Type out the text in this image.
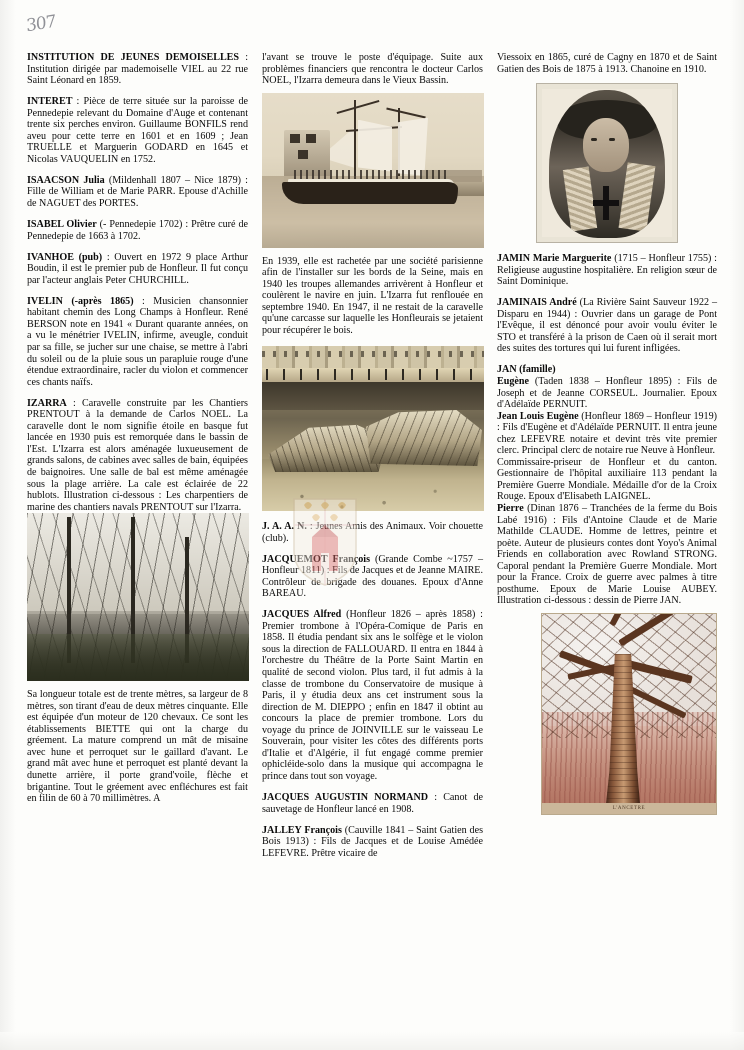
307

INSTITUTION DE JEUNES DEMOISELLES : Institution dirigée par mademoiselle VIEL au 22 rue Saint Léonard en 1859.

INTERET : Pièce de terre située sur la paroisse de Pennedepie relevant du Domaine d'Auge et contenant trente six perches environ. Guillaume BONFILS rend aveu pour cette terre en 1601 et en 1609 ; Jean TRUELLE et Marguerin GODARD en 1645 et Nicolas VAUQUELIN en 1752.

ISAACSON Julia (Mildenhall 1807 – Nice 1879) : Fille de William et de Marie PARR. Epouse d'Achille de NAGUET des PORTES.

ISABEL Olivier (- Pennedepie 1702) : Prêtre curé de Pennedepie de 1663 à 1702.

IVANHOE (pub) : Ouvert en 1972 9 place Arthur Boudin, il est le premier pub de Honfleur. Il fut conçu par l'acteur anglais Peter CHURCHILL.

IVELIN (-après 1865) : Musicien chansonnier habitant chemin des Long Champs à Honfleur. René BERSON note en 1941 « Durant quarante années, on a vu le ménétrier IVELIN, infirme, aveugle, conduit par sa fille, se jucher sur une chaise, se mettre à l'abri du soleil ou de la pluie sous un parapluie rouge d'une étendue extraordinaire, racler du violon et commencer ces chants naïfs.

IZARRA : Caravelle construite par les Chantiers PRENTOUT à la demande de Carlos NOEL. La caravelle dont le nom signifie étoile en basque fut lancée en 1930 puis est remorquée dans le bassin de l'Est. L'Izarra est alors aménagée luxueusement de grands salons, de cabines avec salles de bain, équipées de baignoires. Une salle de bal est même aménagée sous la plage arrière. La cale est éclairée de 22 hublots. Illustration ci-dessous : Les charpentiers de marine des chantiers navals PRENTOUT sur l'Izarra.

Sa longueur totale est de trente mètres, sa largeur de 8 mètres, son tirant d'eau de deux mètres cinquante. Elle est équipée d'un moteur de 120 chevaux. Ce sont les établissements BIETTE qui ont la charge du gréement. La mature comprend un mât de misaine avec hune et perroquet sur le gaillard d'avant. Le grand mât avec hune et perroquet est planté devant la dunette arrière, il porte grand'voile, flèche et brigantine. Tout le gréement avec enfléchures est fait en filin de 60 à 70 millimètres. A

l'avant se trouve le poste d'équipage. Suite aux problèmes financiers que rencontra le docteur Carlos NOEL, l'Izarra demeura dans le Vieux Bassin.

En 1939, elle est rachetée par une société parisienne afin de l'installer sur les bords de la Seine, mais en 1940 les troupes allemandes arrivèrent à Honfleur et coulèrent le navire en juin. L'Izarra fut renflouée en septembre 1940. En 1947, il ne restait de la caravelle qu'une carcasse sur laquelle les Honfleurais se jetaient pour récupérer le bois.

J. A. A. N. : Jeunes Amis des Animaux. Voir chouette (club).

JACQUEMOT François (Grande Combe ~1757 – Honfleur 1811) : Fils de Jacques et de Jeanne MAIRE. Contrôleur de brigade des douanes. Epoux d'Anne BAREAU.

JACQUES Alfred (Honfleur 1826 – après 1858) : Premier trombone à l'Opéra-Comique de Paris en 1858. Il étudia pendant six ans le solfège et le violon sous la direction de FALLOUARD. Il entra en 1844 à l'orchestre du Théâtre de la Porte Saint Martin en qualité de second violon. Plus tard, il fut admis à la classe de trombone du Conservatoire de musique à Paris, il y étudia deux ans cet instrument sous la direction de M. DIEPPO ; enfin en 1847 il obtint au concours la place de premier trombone. Lors du voyage du prince de JOINVILLE sur le vaisseau Le Souverain, pour visiter les côtes des différents ports d'Italie et d'Algérie, il fut engagé comme premier ophicléide-solo dans la musique qui accompagna le prince dans tout son voyage.

JACQUES AUGUSTIN NORMAND : Canot de sauvetage de Honfleur lancé en 1908.

JALLEY François (Cauville 1841 – Saint Gatien des Bois 1913) : Fils de Jacques et de Louise Amédée LEFEVRE. Prêtre vicaire de

Viessoix en 1865, curé de Cagny en 1870 et de Saint Gatien des Bois de 1875 à 1913. Chanoine en 1910.

JAMIN Marie Marguerite (1715 – Honfleur 1755) : Religieuse augustine hospitalière. En religion sœur de Saint Dominique.

JAMINAIS André (La Rivière Saint Sauveur 1922 – Disparu en 1944) : Ouvrier dans un garage de Pont l'Evêque, il est dénoncé pour avoir voulu éviter le STO et transféré à la prison de Caen où il serait mort des suites des tortures qui lui furent infligées.

JAN (famille)

Eugène (Taden 1838 – Honfleur 1895) : Fils de Joseph et de Jeanne CORSEUL. Journalier. Epoux d'Adélaïde PERNUIT.

Jean Louis Eugène (Honfleur 1869 – Honfleur 1919) : Fils d'Eugène et d'Adélaïde PERNUIT. Il entra jeune chez LEFEVRE notaire et devint très vite premier clerc. Principal clerc de notaire rue Neuve à Honfleur.

Commissaire-priseur de Honfleur et du canton. Gestionnaire de l'hôpital auxiliaire 113 pendant la Première Guerre Mondiale. Médaille d'or de la Croix Rouge. Epoux d'Elisabeth LAIGNEL.

Pierre (Dinan 1876 – Tranchées de la ferme du Bois Labé 1916) : Fils d'Antoine Claude et de Marie Mathilde CLAUDE. Homme de lettres, peintre et poète. Auteur de plusieurs contes dont Yoyo's Animal Friends en collaboration avec Rowland STRONG. Caporal pendant la Première Guerre Mondiale. Mort pour la France. Croix de guerre avec palmes à titre posthume. Epoux de Marie Louise AUBEY. Illustration ci-dessous : dessin de Pierre JAN.

L'ANCETRE
